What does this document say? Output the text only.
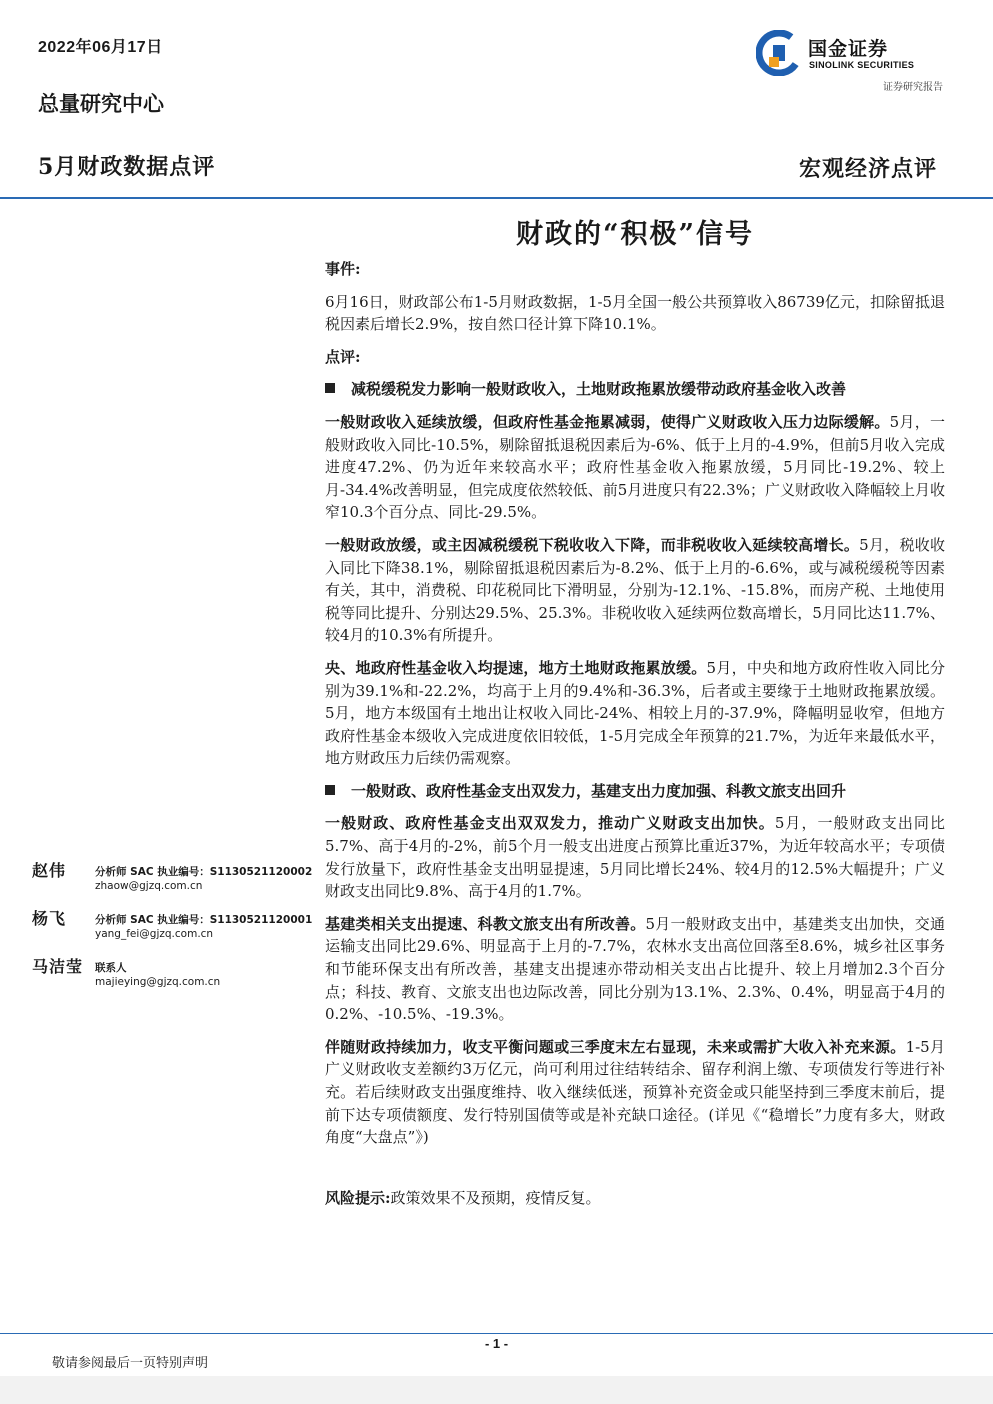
2022年06月17日
总量研究中心
5月财政数据点评	宏观经济点评
国金证券
SINOLINK SECURITIES
证券研究报告
财政的“积极”信号

事件:

6月16日，财政部公布1-5月财政数据，1-5月全国一般公共预算收入86739亿元，扣除留抵退税因素后增长2.9%，按自然口径计算下降10.1%。

点评:

减税缓税发力影响一般财政收入，土地财政拖累放缓带动政府基金收入改善

一般财政收入延续放缓，但政府性基金拖累减弱，使得广义财政收入压力边际缓解。5月，一般财政收入同比-10.5%，剔除留抵退税因素后为-6%、低于上月的-4.9%，但前5月收入完成进度47.2%、仍为近年来较高水平；政府性基金收入拖累放缓，5月同比-19.2%、较上月-34.4%改善明显，但完成度依然较低、前5月进度只有22.3%；广义财政收入降幅较上月收窄10.3个百分点、同比-29.5%。

一般财政放缓，或主因减税缓税下税收收入下降，而非税收收入延续较高增长。5月，税收收入同比下降38.1%，剔除留抵退税因素后为-8.2%、低于上月的-6.6%，或与减税缓税等因素有关，其中，消费税、印花税同比下滑明显，分别为-12.1%、-15.8%，而房产税、土地使用税等同比提升、分别达29.5%、25.3%。非税收收入延续两位数高增长，5月同比达11.7%、较4月的10.3%有所提升。

央、地政府性基金收入均提速，地方土地财政拖累放缓。5月，中央和地方政府性收入同比分别为39.1%和-22.2%，均高于上月的9.4%和-36.3%，后者或主要缘于土地财政拖累放缓。5月，地方本级国有土地出让权收入同比-24%、相较上月的-37.9%，降幅明显收窄，但地方政府性基金本级收入完成进度依旧较低，1-5月完成全年预算的21.7%，为近年来最低水平，地方财政压力后续仍需观察。

一般财政、政府性基金支出双发力，基建支出力度加强、科教文旅支出回升

一般财政、政府性基金支出双双发力，推动广义财政支出加快。5月，一般财政支出同比5.7%、高于4月的-2%，前5个月一般支出进度占预算比重近37%，为近年较高水平；专项债发行放量下，政府性基金支出明显提速，5月同比增长24%、较4月的12.5%大幅提升；广义财政支出同比9.8%、高于4月的1.7%。

基建类相关支出提速、科教文旅支出有所改善。5月一般财政支出中，基建类支出加快，交通运输支出同比29.6%、明显高于上月的-7.7%，农林水支出高位回落至8.6%，城乡社区事务和节能环保支出有所改善，基建支出提速亦带动相关支出占比提升、较上月增加2.3个百分点；科技、教育、文旅支出也边际改善，同比分别为13.1%、2.3%、0.4%，明显高于4月的0.2%、-10.5%、-19.3%。

伴随财政持续加力，收支平衡问题或三季度末左右显现，未来或需扩大收入补充来源。1-5月广义财政收支差额约3万亿元，尚可利用过往结转结余、留存利润上缴、专项债发行等进行补充。若后续财政支出强度维持、收入继续低迷，预算补充资金或只能坚持到三季度末前后，提前下达专项债额度、发行特别国债等或是补充缺口途径。(详见《“稳增长”力度有多大，财政角度“大盘点”》)

风险提示:政策效果不及预期，疫情反复。

赵伟	分析师 SAC 执业编号：S1130521120002
zhaow@gjzq.com.cn
杨飞	分析师 SAC 执业编号：S1130521120001
yang_fei@gjzq.com.cn
马洁莹 联系人
majieying@gjzq.com.cn
- 1 -
敬请参阅最后一页特别声明
